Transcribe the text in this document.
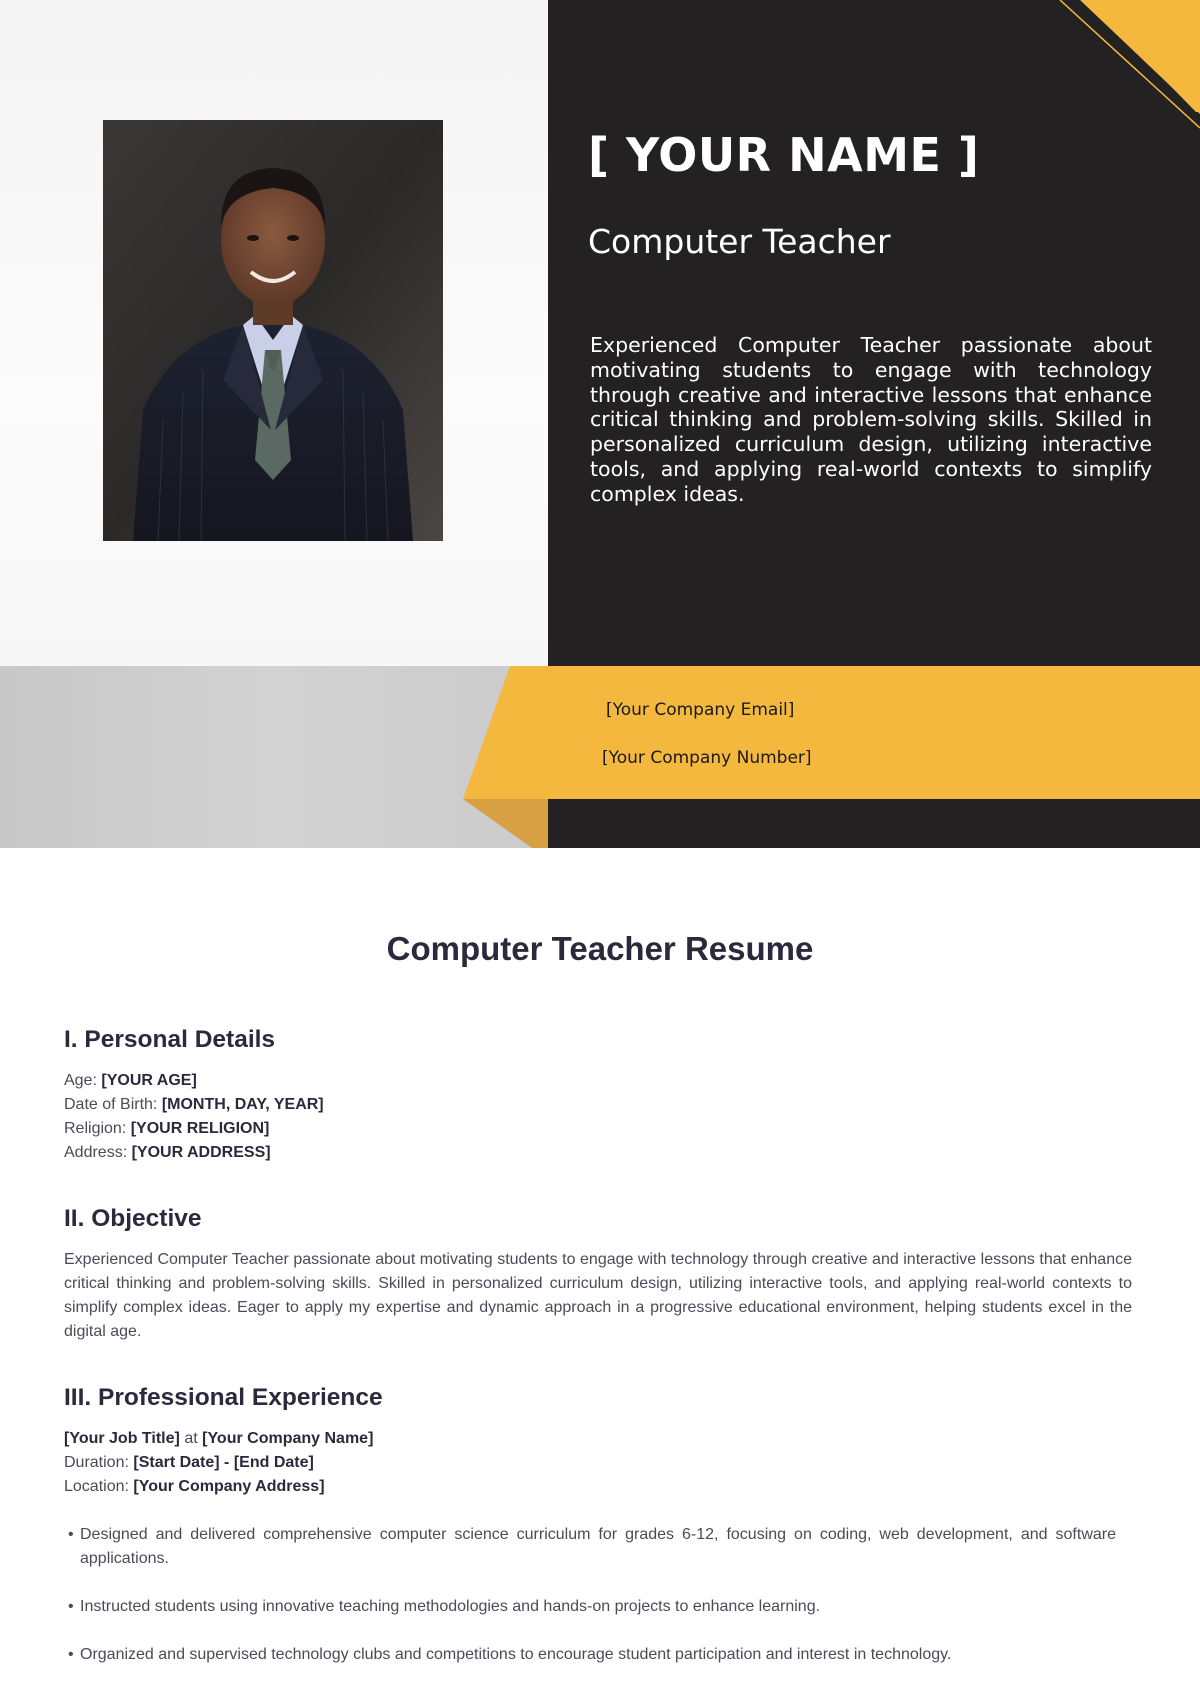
[ YOUR NAME ]
Computer Teacher
Experienced Computer Teacher passionate about motivating students to engage with technology through creative and interactive lessons that enhance critical thinking and problem-solving skills. Skilled in personalized curriculum design, utilizing interactive tools, and applying real-world contexts to simplify complex ideas.
[Your Company Email]
[Your Company Number]
Computer Teacher Resume
I. Personal Details
Age: [YOUR AGE]
Date of Birth: [MONTH, DAY, YEAR]
Religion: [YOUR RELIGION]
Address: [YOUR ADDRESS]
II. Objective
Experienced Computer Teacher passionate about motivating students to engage with technology through creative and interactive lessons that enhance critical thinking and problem-solving skills. Skilled in personalized curriculum design, utilizing interactive tools, and applying real-world contexts to simplify complex ideas. Eager to apply my expertise and dynamic approach in a progressive educational environment, helping students excel in the digital age.
III. Professional Experience
[Your Job Title] at [Your Company Name]
Duration: [Start Date] - [End Date]
Location: [Your Company Address]
• Designed and delivered comprehensive computer science curriculum for grades 6-12, focusing on coding, web development, and software applications.
• Instructed students using innovative teaching methodologies and hands-on projects to enhance learning.
• Organized and supervised technology clubs and competitions to encourage student participation and interest in technology.
